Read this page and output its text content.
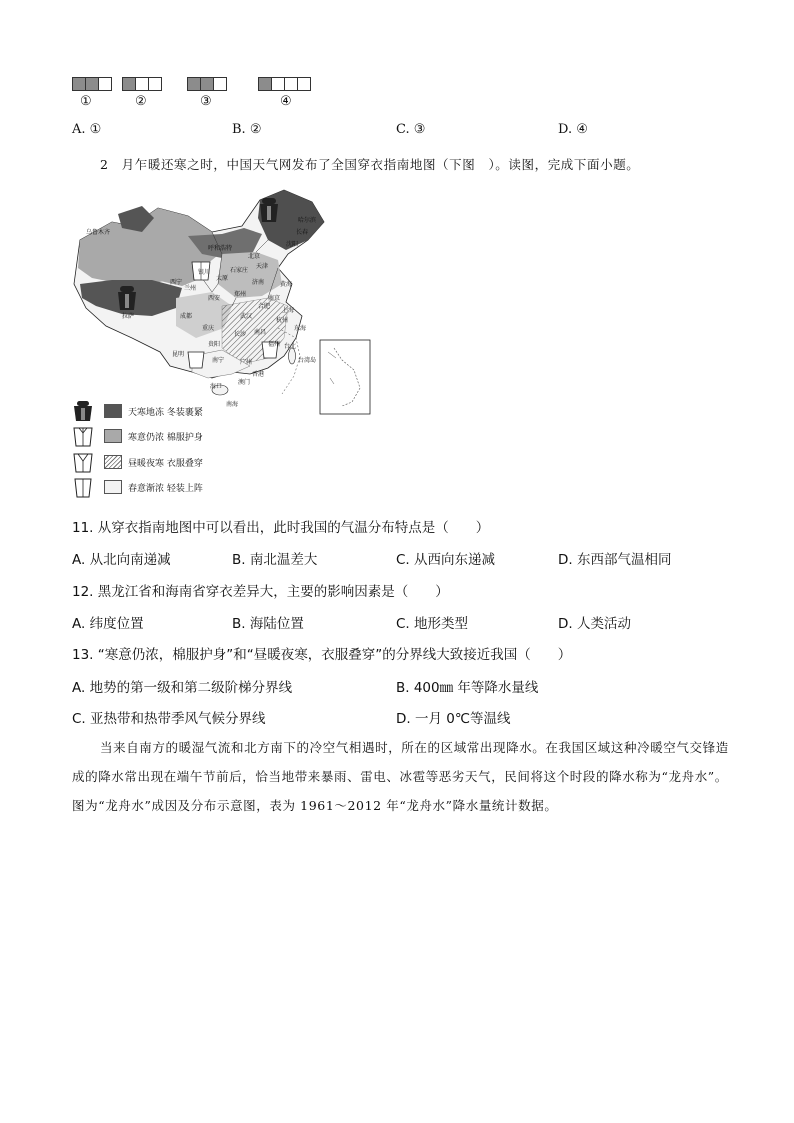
①	②	③	④
A. ①	B. ②	C. ③	D. ④
2　月乍暖还寒之时，中国天气网发布了全国穿衣指南地图（下图　）。读图，完成下面小题。
乌鲁木齐
哈尔滨
长春
沈阳
呼和浩特
北京
天津
石家庄
太原
银川
西宁
兰州
济南	黄海
郑州
西安
拉萨	成都
南京
合肥
上海
武汉
杭州
重庆
长沙
东海
南昌
福州 台北
贵阳
台湾岛
昆明
南宁	广州
香港
澳门
海口
南海
天寒地冻 冬装裹紧
寒意仍浓 棉服护身
昼暖夜寒 衣服叠穿
春意渐浓 轻装上阵
11. 从穿衣指南地图中可以看出，此时我国的气温分布特点是（　　）
A. 从北向南递减	B. 南北温差大	C. 从西向东递减	D. 东西部气温相同
12. 黑龙江省和海南省穿衣差异大，主要的影响因素是（　　）
A. 纬度位置	B. 海陆位置	C. 地形类型	D. 人类活动
13. “寒意仍浓，棉服护身”和“昼暖夜寒，衣服叠穿”的分界线大致接近我国（　　）
A. 地势的第一级和第二级阶梯分界线	B. 400㎜ 年等降水量线
C. 亚热带和热带季风气候分界线	D. 一月 0℃等温线
当来自南方的暖湿气流和北方南下的冷空气相遇时，所在的区域常出现降水。在我国区域这种冷暖空气交锋造成的降水常出现在端午节前后，恰当地带来暴雨、雷电、冰雹等恶劣天气，民间将这个时段的降水称为“龙舟水”。图为“龙舟水”成因及分布示意图，表为 1961～2012 年“龙舟水”降水量统计数据。
